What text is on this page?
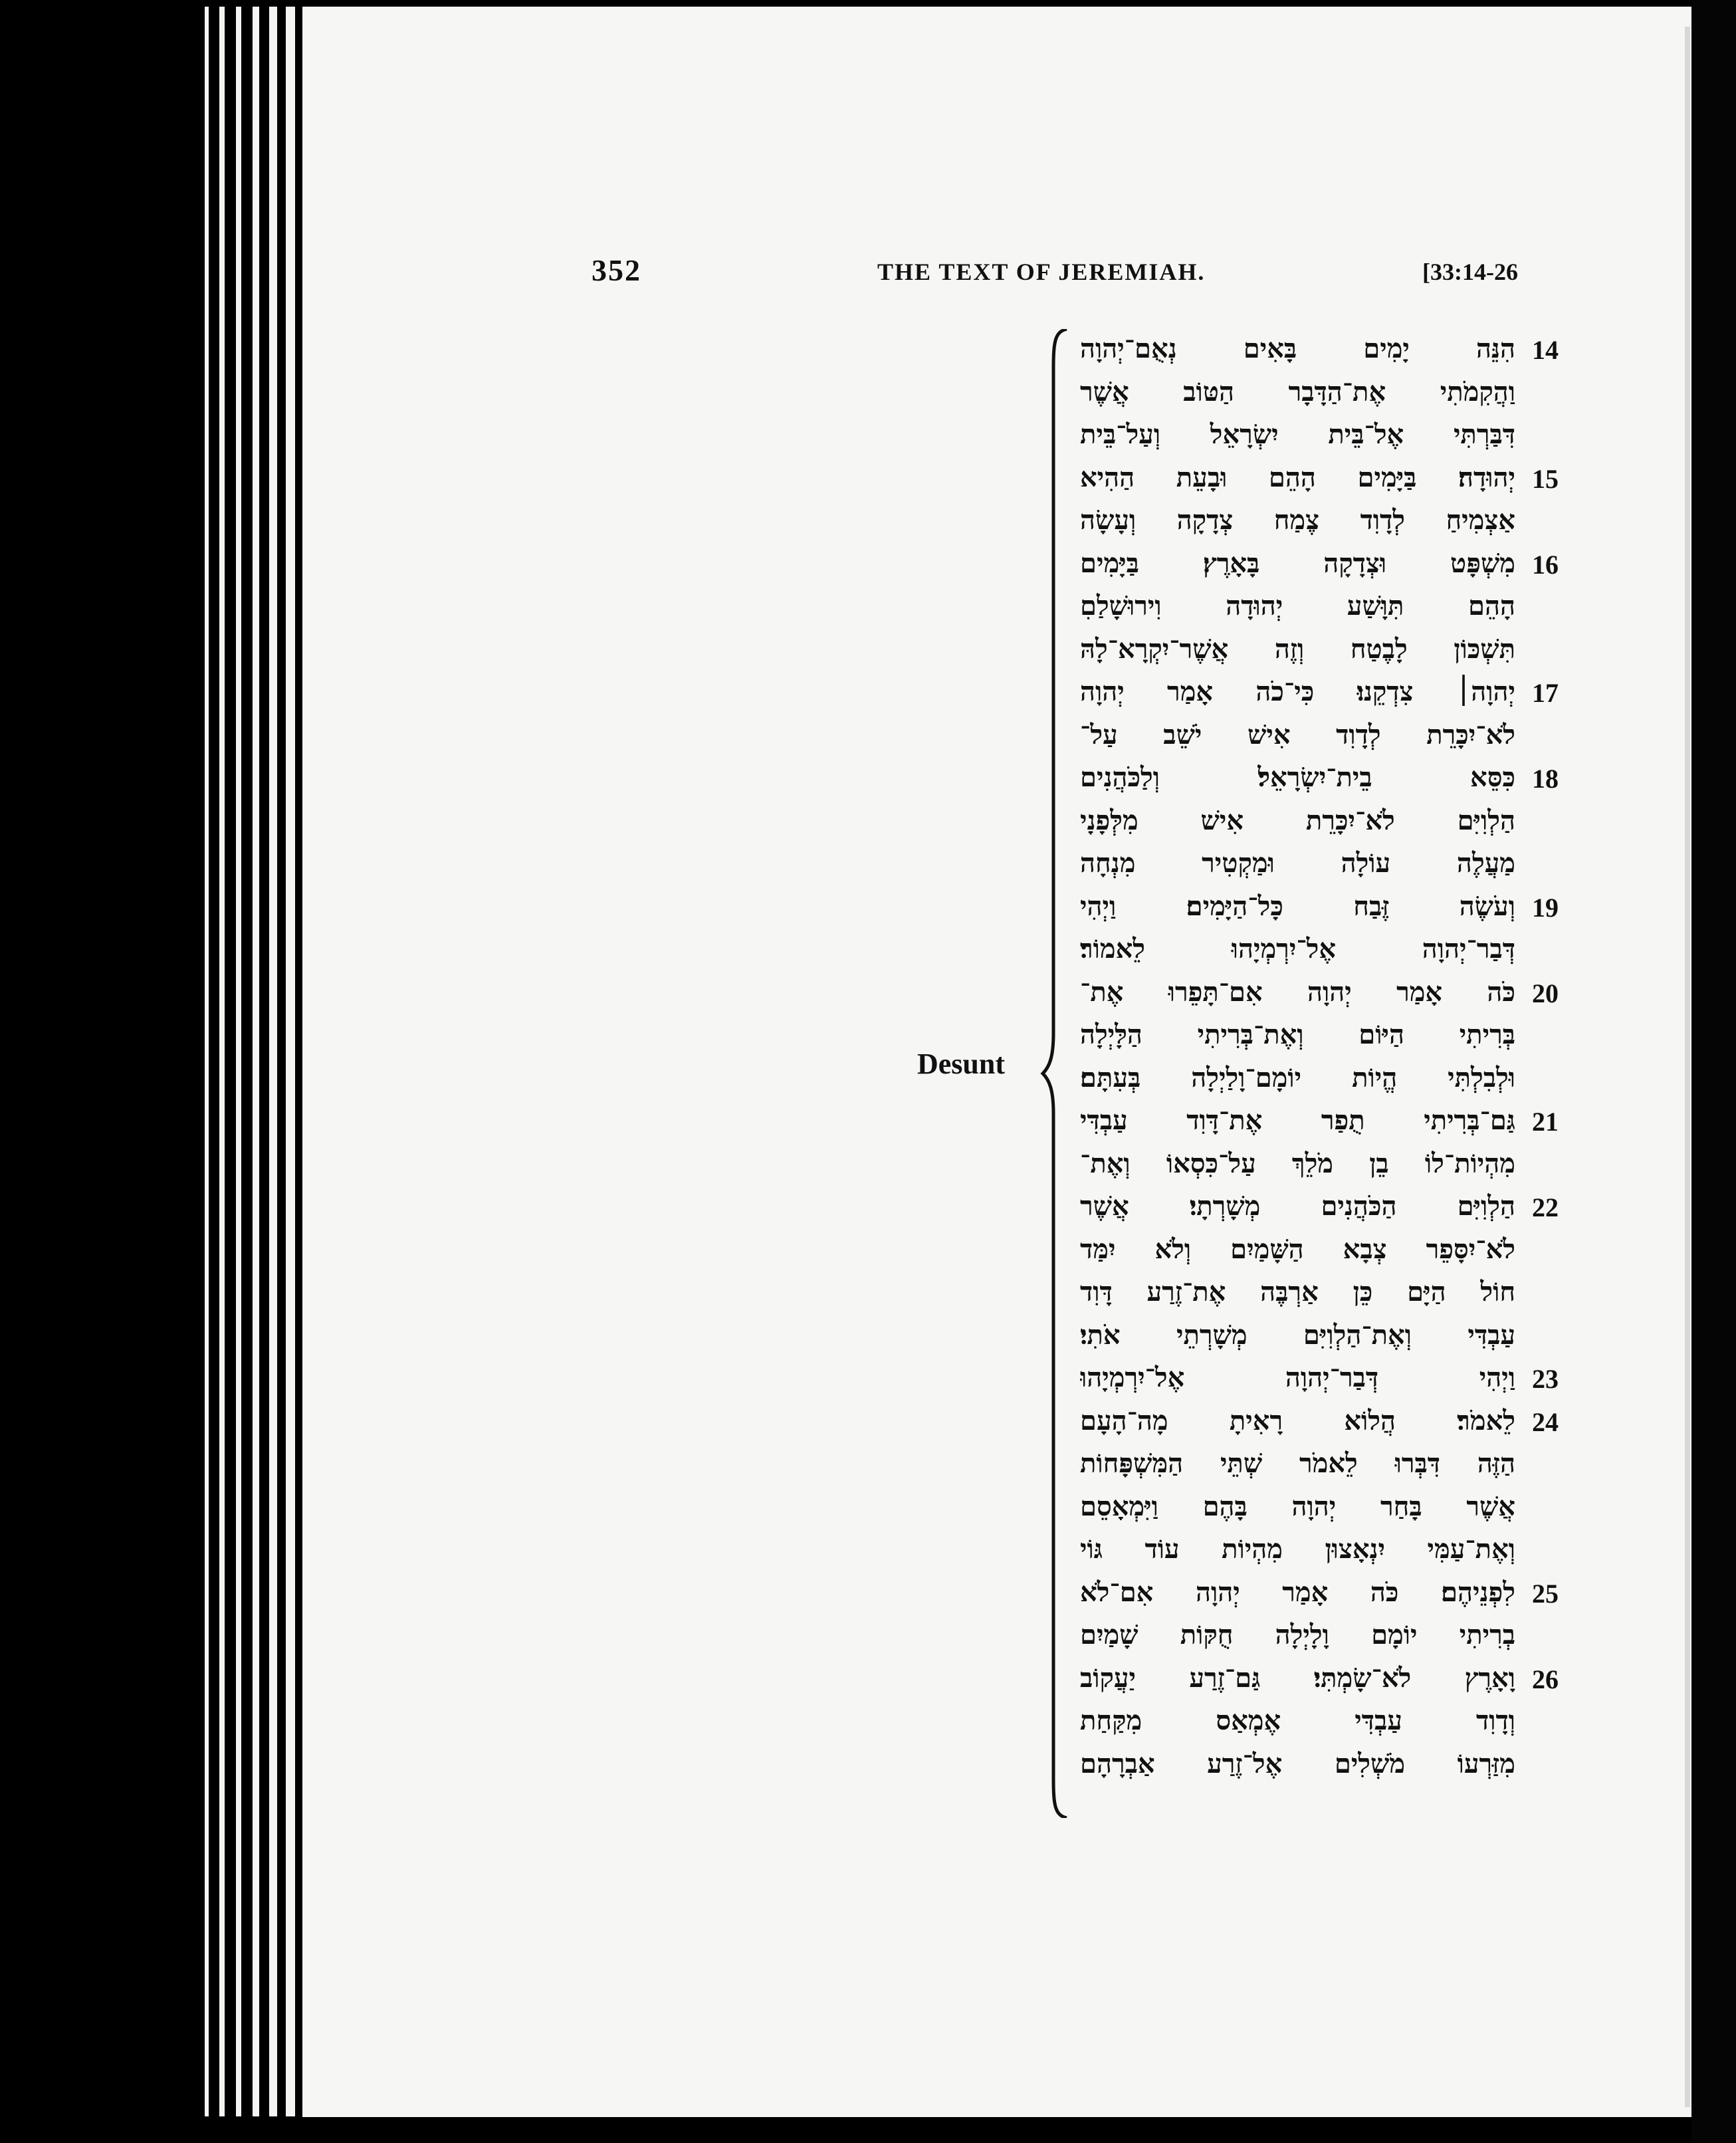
352	THE TEXT OF JEREMIAH.	[33:14-26
Desunt
הִנֵּה יָמִים בָּאִים נְאֻם־יְהוָה 14
וַהֲקִמֹתִי אֶת־הַדָּבָר הַטּוֹב אֲשֶׁר
דִּבַּרְתִּי אֶל־בֵּית יִשְׂרָאֵל וְעַל־בֵּית
יְהוּדָה׃ בַּיָּמִים הָהֵם וּבָעֵת הַהִיא 15
אַצְמִיחַ לְדָוִד צֶמַח צְדָקָה וְעָשָׂה
מִשְׁפָּט וּצְדָקָה בָּאָרֶץ׃ בַּיָּמִים 16
הָהֵם תִּוָּשַׁע יְהוּדָה וִירוּשָׁלַםִ
תִּשְׁכּוֹן לָבֶטַח וְזֶה אֲשֶׁר־יִקְרָא־לָהּ
יְהוָה׀ צִדְקֵנוּ׃ כִּי־כֹה אָמַר יְהוָה 17
לֹא־יִכָּרֵת לְדָוִד אִישׁ יֹשֵׁב עַל־
כִּסֵּא בֵית־יִשְׂרָאֵל׃ וְלַכֹּהֲנִים 18
הַלְוִיִּם לֹא־יִכָּרֵת אִישׁ מִלְּפָנָי
מַעֲלֶה עוֹלָה וּמַקְטִיר מִנְחָה
וְעֹשֶׂה זֶּבַח כָּל־הַיָּמִים׃ וַיְהִי 19
דְּבַר־יְהוָה אֶל־יִרְמְיָהוּ לֵאמוֹר׃
כֹּה אָמַר יְהוָה אִם־תָּפֵרוּ אֶת־ 20
בְּרִיתִי הַיּוֹם וְאֶת־בְּרִיתִי הַלָּיְלָה
וּלְבִלְתִּי הֱיוֹת יוֹמָם־וָלַיְלָה בְּעִתָּם׃
גַּם־בְּרִיתִי תֻפַר אֶת־דָּוִד עַבְדִּי 21
מִהְיוֹת־לוֹ בֵן מֹלֵךְ עַל־כִּסְאוֹ וְאֶת־
הַלְוִיִּם הַכֹּהֲנִים מְשָׁרְתָי׃ אֲשֶׁר 22
לֹא־יִסָּפֵר צְבָא הַשָּׁמַיִם וְלֹא יִמַּד
חוֹל הַיָּם כֵּן אַרְבֶּה אֶת־זֶרַע דָּוִד
עַבְדִּי וְאֶת־הַלְוִיִּם מְשָׁרְתֵי אֹתִי׃
וַיְהִי דְּבַר־יְהוָה אֶל־יִרְמְיָהוּ 23
לֵאמֹר׃ הֲלוֹא רָאִיתָ מָה־הָעָם 24
הַזֶּה דִּבְּרוּ לֵאמֹר שְׁתֵּי הַמִּשְׁפָּחוֹת
אֲשֶׁר בָּחַר יְהוָה בָּהֶם וַיִּמְאָסֵם
וְאֶת־עַמִּי יִנְאָצוּן מִהְיוֹת עוֹד גּוֹי
לִפְנֵיהֶם׃ כֹּה אָמַר יְהוָה אִם־לֹא 25
בְרִיתִי יוֹמָם וָלָיְלָה חֻקּוֹת שָׁמַיִם
וָאָרֶץ לֹא־שָׂמְתִּי׃ גַּם־זֶרַע יַעֲקוֹב 26
וְדָוִד עַבְדִּי אֶמְאַס מִקַּחַת
מִזַּרְעוֹ מֹשְׁלִים אֶל־זֶרַע אַבְרָהָם
